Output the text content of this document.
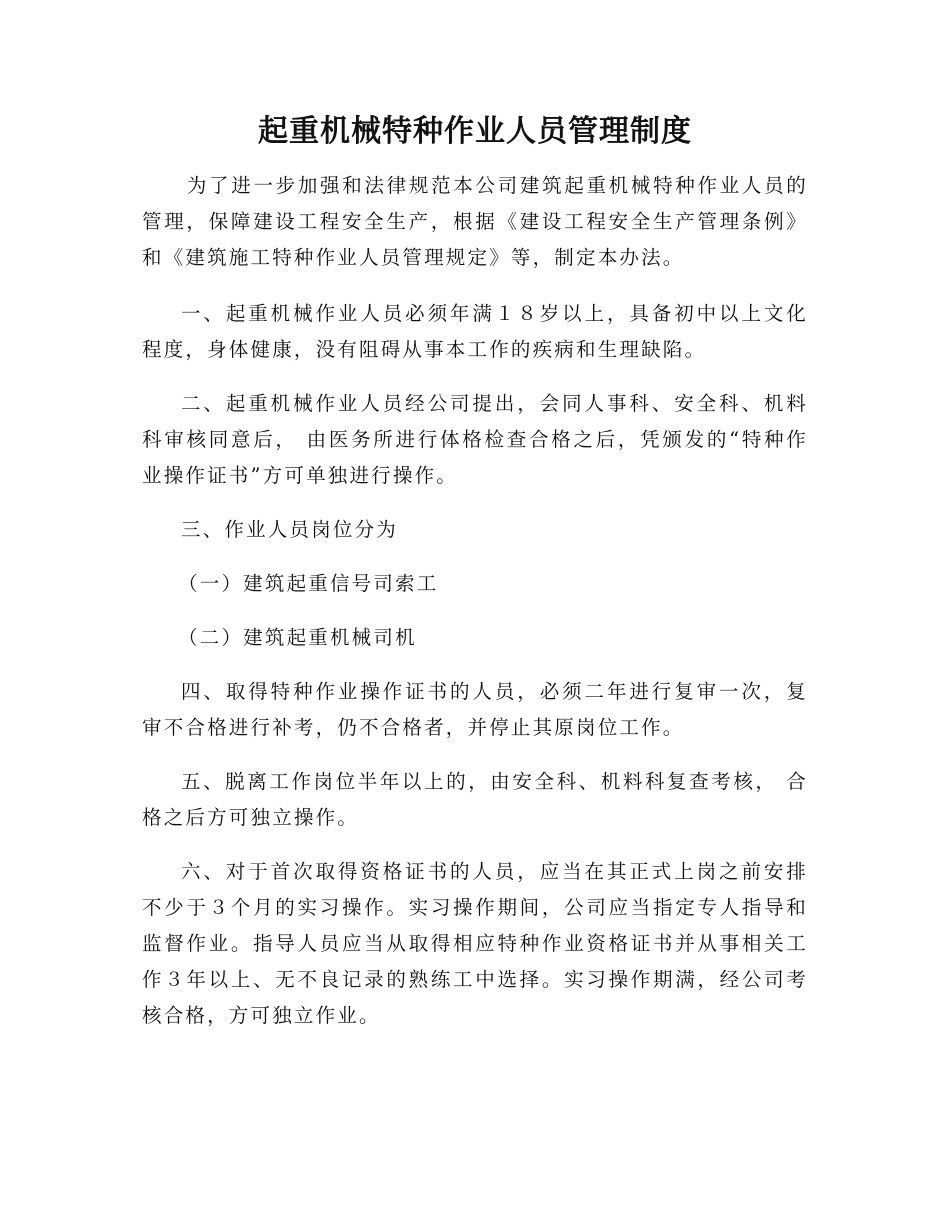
起重机械特种作业人员管理制度

为了进一步加强和法律规范本公司建筑起重机械特种作业人员的管理，保障建设工程安全生产，根据《建设工程安全生产管理条例》和《建筑施工特种作业人员管理规定》等，制定本办法。

一、起重机械作业人员必须年满１８岁以上，具备初中以上文化程度，身体健康，没有阻碍从事本工作的疾病和生理缺陷。

二、起重机械作业人员经公司提出，会同人事科、安全科、机料科审核同意后， 由医务所进行体格检查合格之后，凭颁发的“特种作业操作证书”方可单独进行操作。

三、作业人员岗位分为

（一）建筑起重信号司索工

（二）建筑起重机械司机

四、取得特种作业操作证书的人员，必须二年进行复审一次，复审不合格进行补考，仍不合格者，并停止其原岗位工作。

五、脱离工作岗位半年以上的，由安全科、机料科复查考核， 合格之后方可独立操作。

六、对于首次取得资格证书的人员，应当在其正式上岗之前安排不少于３个月的实习操作。实习操作期间，公司应当指定专人指导和监督作业。指导人员应当从取得相应特种作业资格证书并从事相关工作３年以上、无不良记录的熟练工中选择。实习操作期满，经公司考核合格，方可独立作业。
